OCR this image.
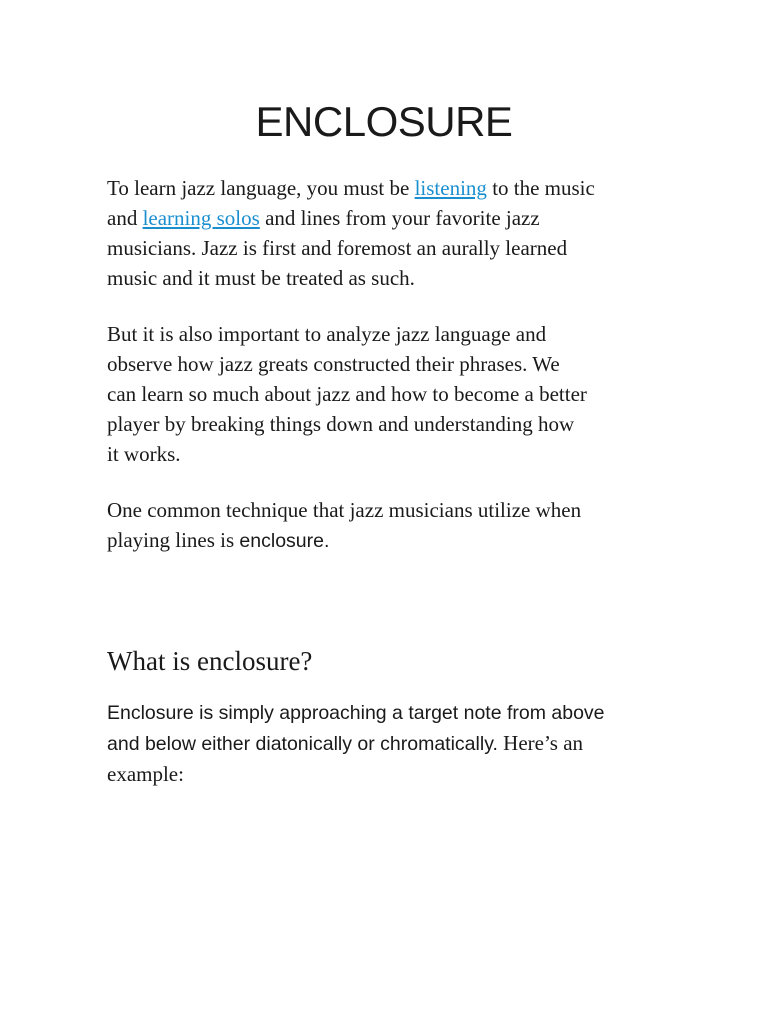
ENCLOSURE

To learn jazz language, you must be listening to the music
and learning solos and lines from your favorite jazz
musicians. Jazz is first and foremost an aurally learned
music and it must be treated as such.

But it is also important to analyze jazz language and
observe how jazz greats constructed their phrases. We
can learn so much about jazz and how to become a better
player by breaking things down and understanding how
it works.

One common technique that jazz musicians utilize when
playing lines is enclosure.

What is enclosure?

Enclosure is simply approaching a target note from above
and below either diatonically or chromatically. Here’s an
example:
